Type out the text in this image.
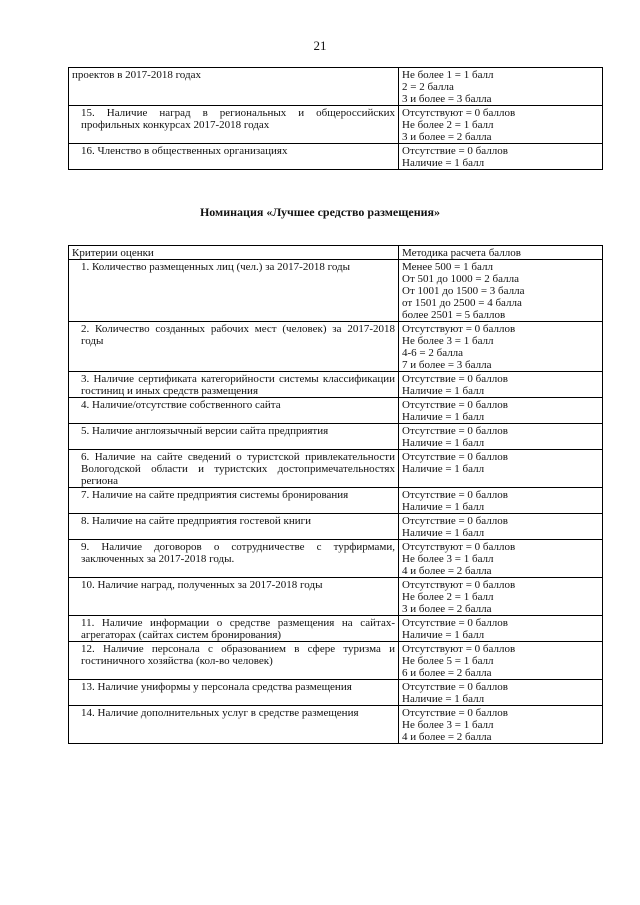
21
проектов в 2017-2018 годах	Не более 1 = 1 балл
2 = 2 балла
3 и более = 3 балла

15. Наличие наград в региональных и общероссийских профильных конкурсах 2017-2018 годах	Отсутствуют = 0 баллов
Не более 2 = 1 балл
3 и более = 2 балла

16. Членство в общественных организациях	Отсутствие = 0 баллов
Наличие = 1 балл
Номинация «Лучшее средство размещения»
Критерии оценки	Методика расчета баллов
1. Количество размещенных лиц (чел.) за 2017-2018 годы	Менее 500 = 1 балл
От 501 до 1000 = 2 балла
От 1001 до 1500 = 3 балла
от 1501 до 2500 = 4 балла
более 2501 = 5 баллов

2. Количество созданных рабочих мест (человек) за 2017-2018 годы	Отсутствуют = 0 баллов
Не более 3 = 1 балл
4-6 = 2 балла
7 и более = 3 балла

3. Наличие сертификата категорийности системы классификации гостиниц и иных средств размещения	Отсутствие = 0 баллов
Наличие = 1 балл

4. Наличие/отсутствие собственного сайта	Отсутствие = 0 баллов
Наличие = 1 балл

5. Наличие англоязычный версии сайта предприятия	Отсутствие = 0 баллов
Наличие = 1 балл

6. Наличие на сайте сведений о туристской привлекательности Вологодской области и туристских достопримечательностях региона	Отсутствие = 0 баллов
Наличие = 1 балл

7. Наличие на сайте предприятия системы бронирования	Отсутствие = 0 баллов
Наличие = 1 балл

8. Наличие на сайте предприятия гостевой книги	Отсутствие = 0 баллов
Наличие = 1 балл

9. Наличие договоров о сотрудничестве с турфирмами, заключенных за 2017-2018 годы.	Отсутствуют = 0 баллов
Не более 3 = 1 балл
4 и более = 2 балла

10. Наличие наград, полученных за 2017-2018 годы	Отсутствуют = 0 баллов
Не более 2 = 1 балл
3 и более = 2 балла

11. Наличие информации о средстве размещения на сайтах-агрегаторах (сайтах систем бронирования)	Отсутствие = 0 баллов
Наличие = 1 балл

12. Наличие персонала с образованием в сфере туризма и гостиничного хозяйства (кол-во человек)	Отсутствуют = 0 баллов
Не более 5 = 1 балл
6 и более = 2 балла

13. Наличие униформы у персонала средства размещения	Отсутствие = 0 баллов
Наличие = 1 балл

14. Наличие дополнительных услуг в средстве размещения	Отсутствие = 0 баллов
Не более 3 = 1 балл
4 и более = 2 балла
